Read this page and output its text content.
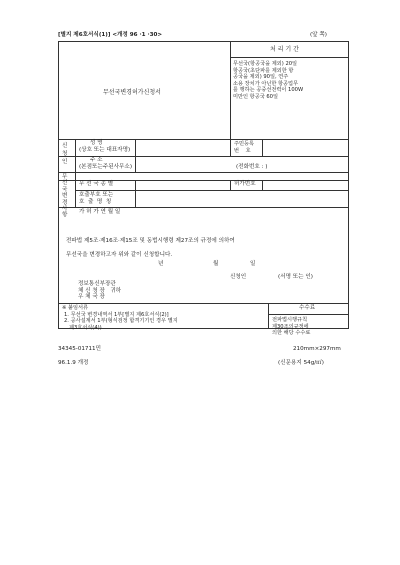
[별지 제6호서식(1)] <개정 96 ·1 ·30>	(앞 쪽)
무선국변경허가신청서
처 리 기 간
무선국(항공국을 제외) 20일
항공국(초단파를 제외한 항
공국을 제외) 90일, 연주
소용 장치가 아닌한 항공업무
를 행하는 공중선전력이 100W
미만인 항공국 60일
신청인
성 명
(상호 또는 대표자명)
주민등록
번    호
주 소
(본점또는주된사무소)	(전화번호 : )
무선국변경사항
무 선 국 종 별	허가번호
호출부호 또는
호  출  명  칭
가 허 가 연 월 일
전파법 제5조·제16조·제15조 및 동법시행령 제27조의 규정에 의하여
무선국을 변경하고자 위와 같이 신청합니다.
년	월	일
신청인	(서명 또는 인)
정보통신부장관
체 신 청 장   귀하
우 체 국 장
※ 붙임서류
1. 무선국 변경내역서 1부[별지 제6호서식(2)]
2. 공사설계서 1부(형식검정 합격기기인 경우 별지
제3호서식(4))
수수료
전파법시행규칙
제30조의규정에
의한 해당 수수료
34345-01711민	210mm×297mm
96.1.9 개정	(신문용지 54g/㎡)
